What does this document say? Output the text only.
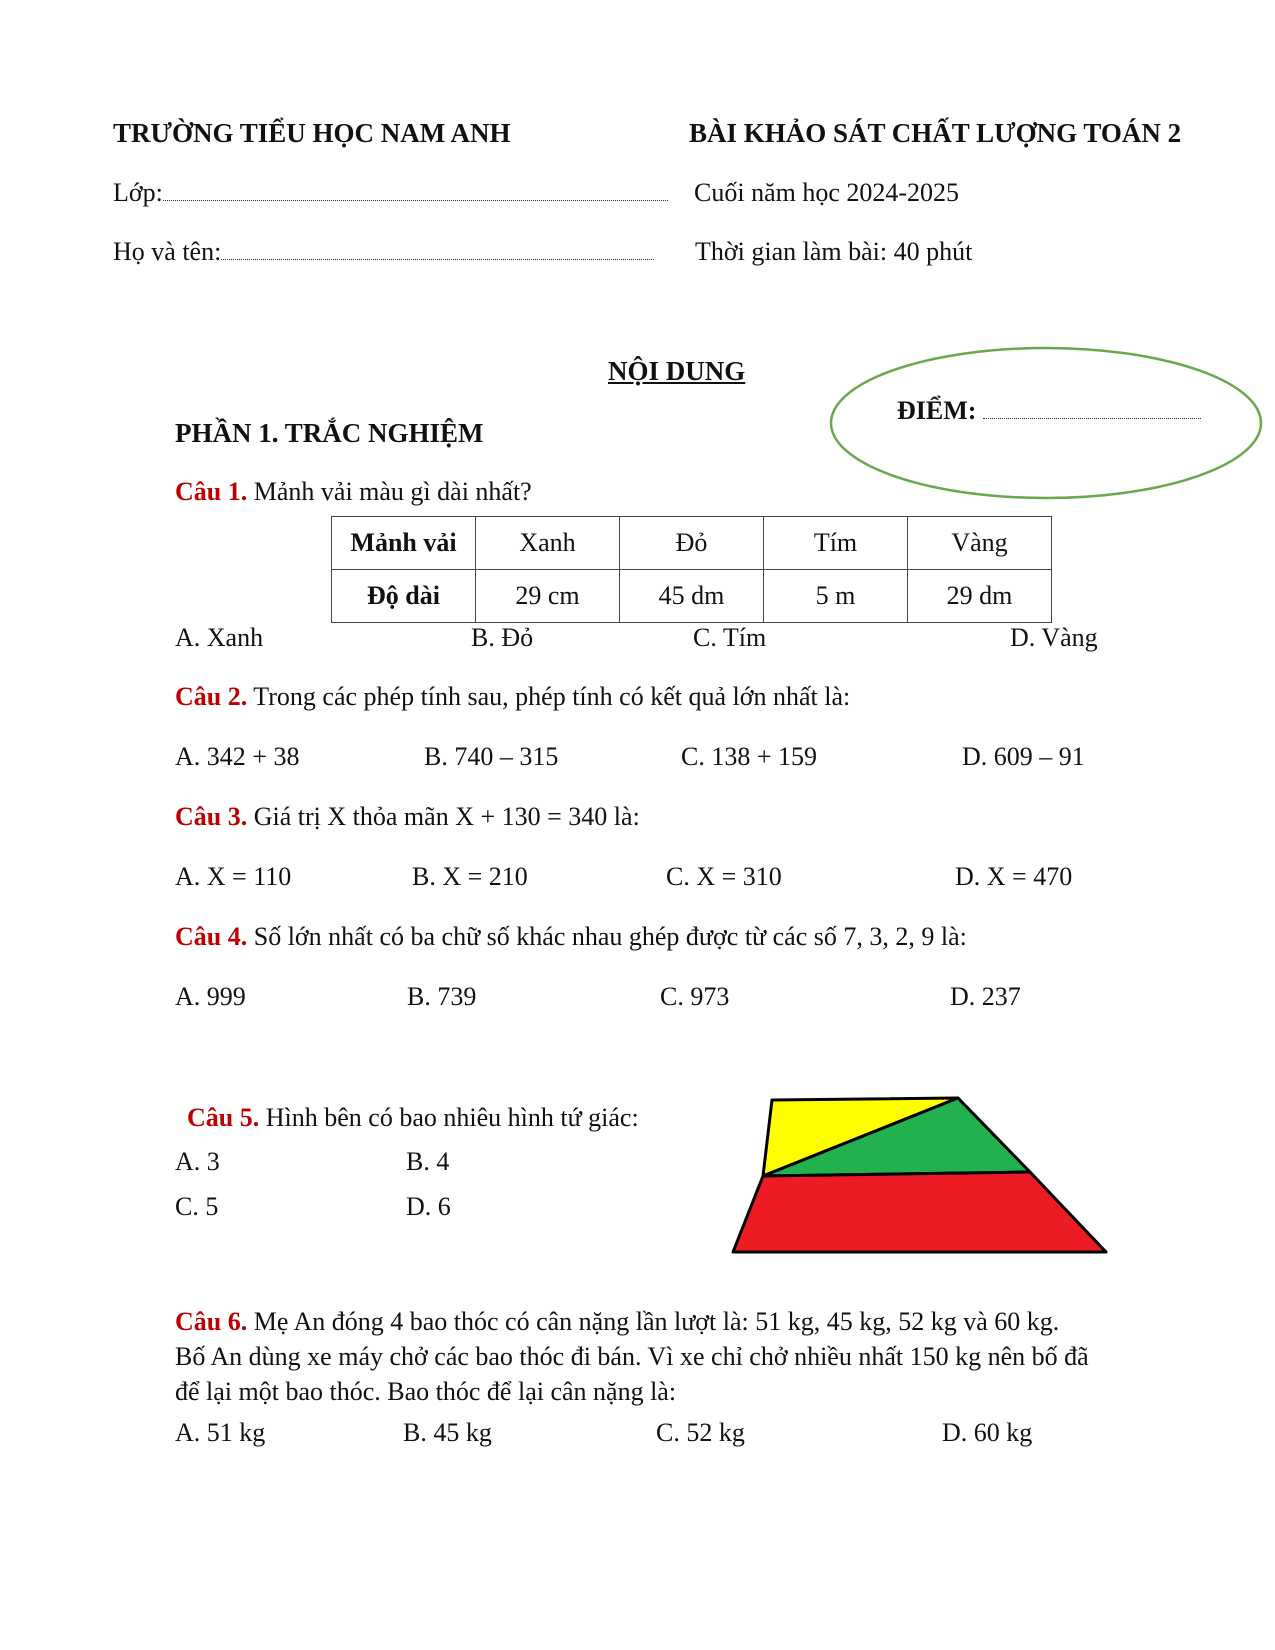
TRƯỜNG TIỂU HỌC NAM ANH	BÀI KHẢO SÁT CHẤT LƯỢNG TOÁN 2
Lớp:	Cuối năm học 2024-2025
Họ và tên:	Thời gian làm bài: 40 phút
NỘI DUNG
ĐIỂM:
PHẦN 1. TRẮC NGHIỆM
Câu 1. Mảnh vải màu gì dài nhất?
Mảnh vải	Xanh	Đỏ	Tím	Vàng
Độ dài	29 cm	45 dm	5 m	29 dm
A. Xanh	B. Đỏ	C. Tím	D. Vàng
Câu 2. Trong các phép tính sau, phép tính có kết quả lớn nhất là:
A. 342 + 38	B. 740 – 315	C. 138 + 159	D. 609 – 91
Câu 3. Giá trị X thỏa mãn X + 130 = 340 là:
A. X = 110	B. X = 210	C. X = 310	D. X = 470
Câu 4. Số lớn nhất có ba chữ số khác nhau ghép được từ các số 7, 3, 2, 9 là:
A. 999	B. 739	C. 973	D. 237
Câu 5. Hình bên có bao nhiêu hình tứ giác:
A. 3	B. 4
C. 5	D. 6
Câu 6. Mẹ An đóng 4 bao thóc có cân nặng lần lượt là: 51 kg, 45 kg, 52 kg và 60 kg.
Bố An dùng xe máy chở các bao thóc đi bán. Vì xe chỉ chở nhiều nhất 150 kg nên bố đã
để lại một bao thóc. Bao thóc để lại cân nặng là:
A. 51 kg	B. 45 kg	C. 52 kg	D. 60 kg
